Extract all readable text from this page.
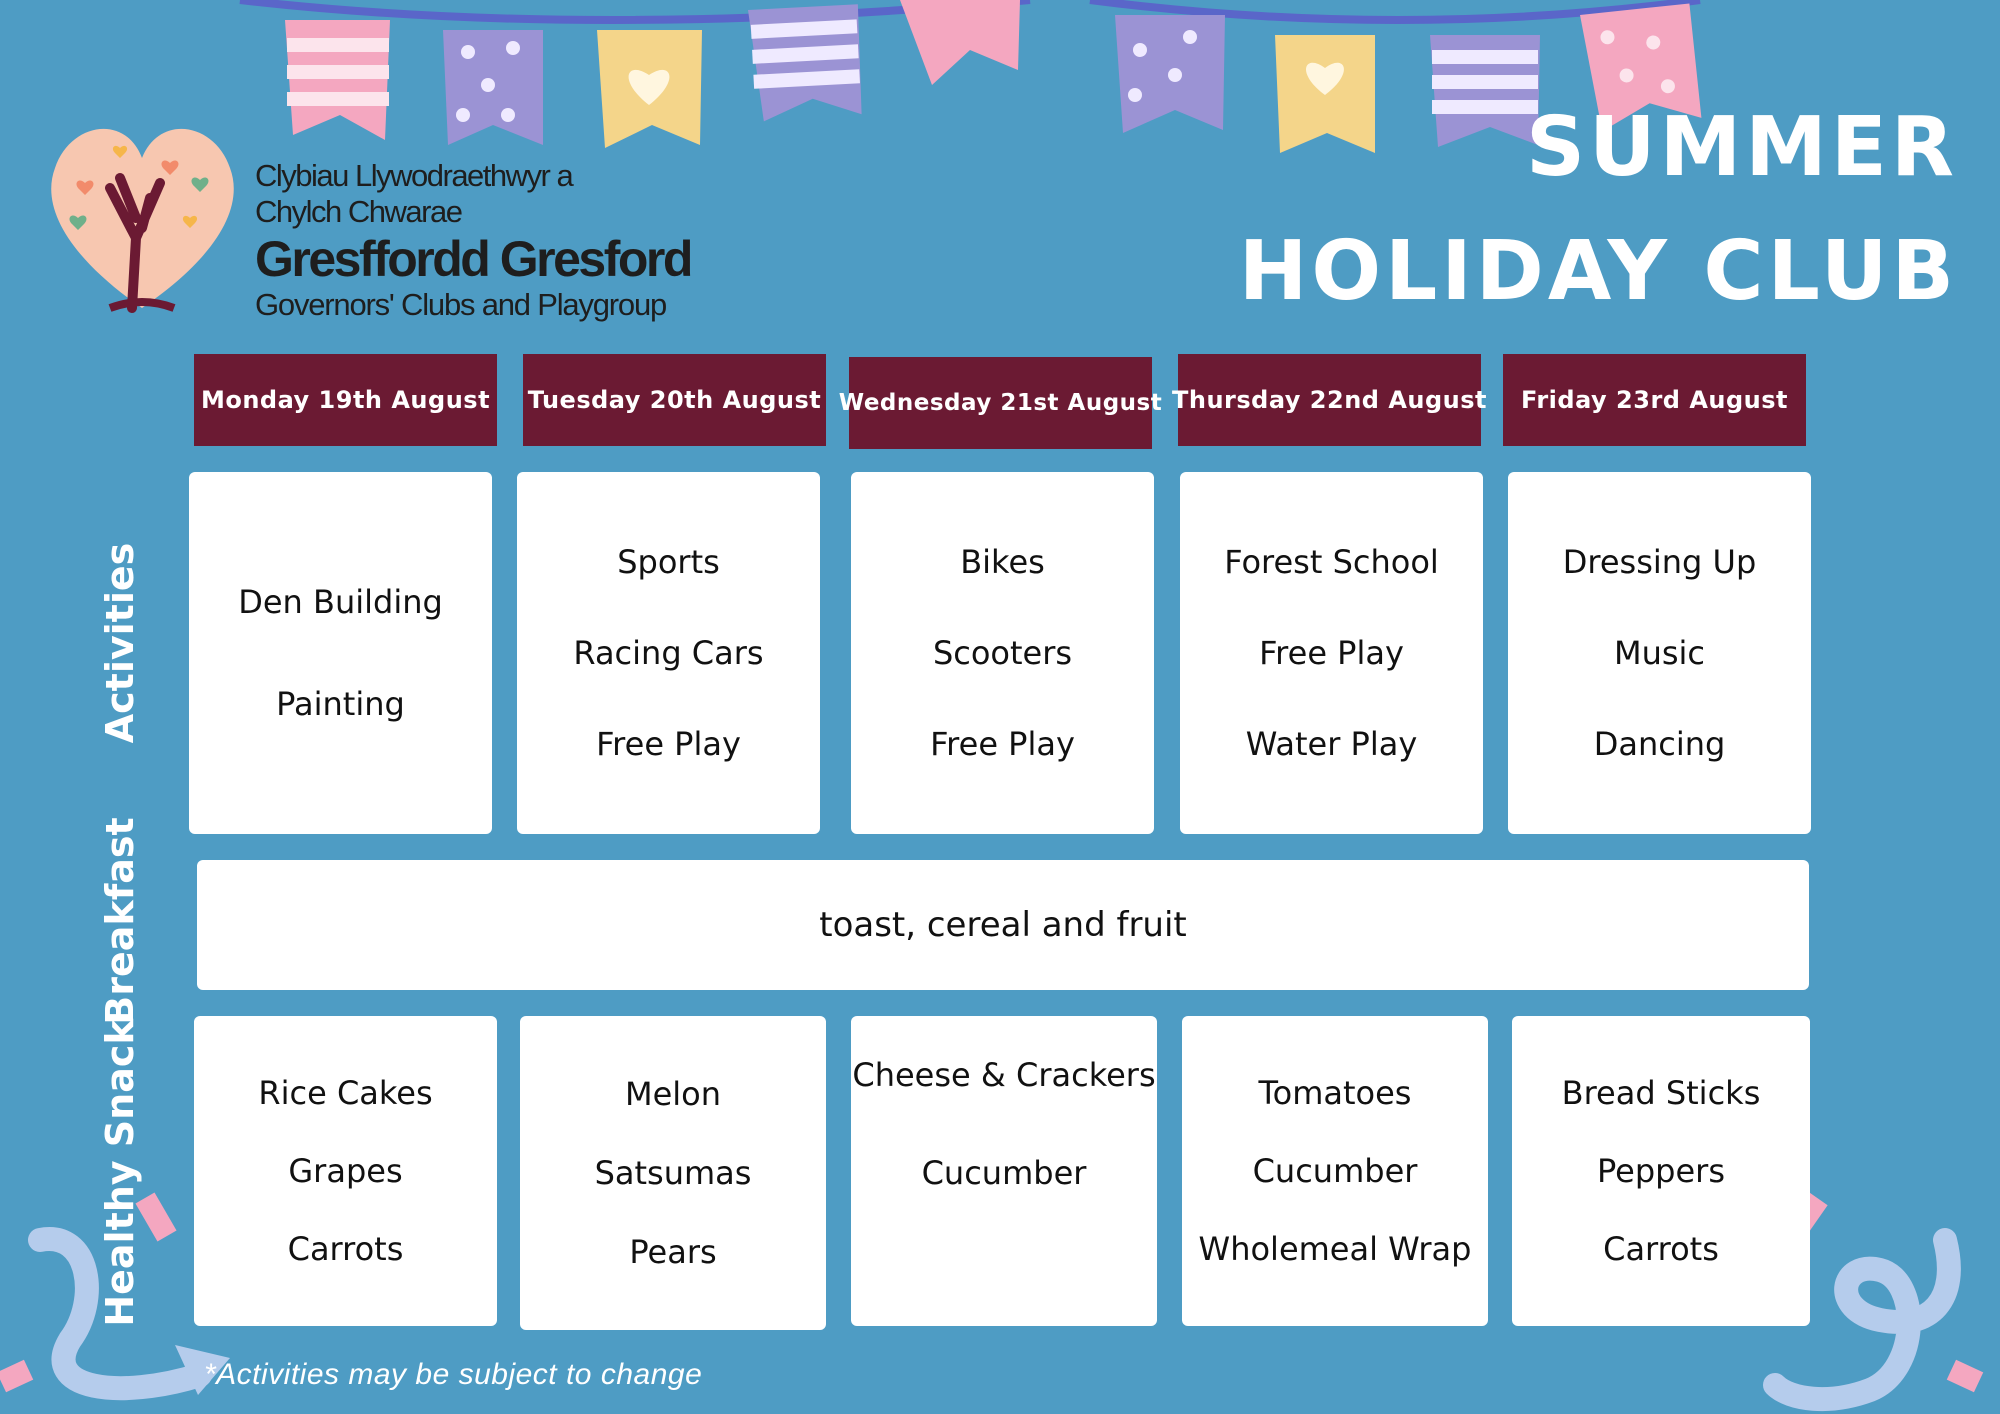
Clybiau Llywodraethwyr a
Chylch Chwarae
Gresffordd Gresford
Governors' Clubs and Playgroup
SUMMER
HOLIDAY CLUB
Monday 19th August Tuesday 20th August Wednesday 21st August Thursday 22nd August	Friday 23rd August
Activities
Breakfast
Healthy Snack
Den Building
Painting
Sports
Racing Cars
Free Play
Bikes
Scooters
Free Play
Forest School
Free Play
Water Play
Dressing Up
Music
Dancing
toast, cereal and fruit
Rice Cakes
Grapes
Carrots
Melon
Satsumas
Pears
Cheese & Crackers
Cucumber
Tomatoes
Cucumber
Wholemeal Wrap
Bread Sticks
Peppers
Carrots
*Activities may be subject to change
